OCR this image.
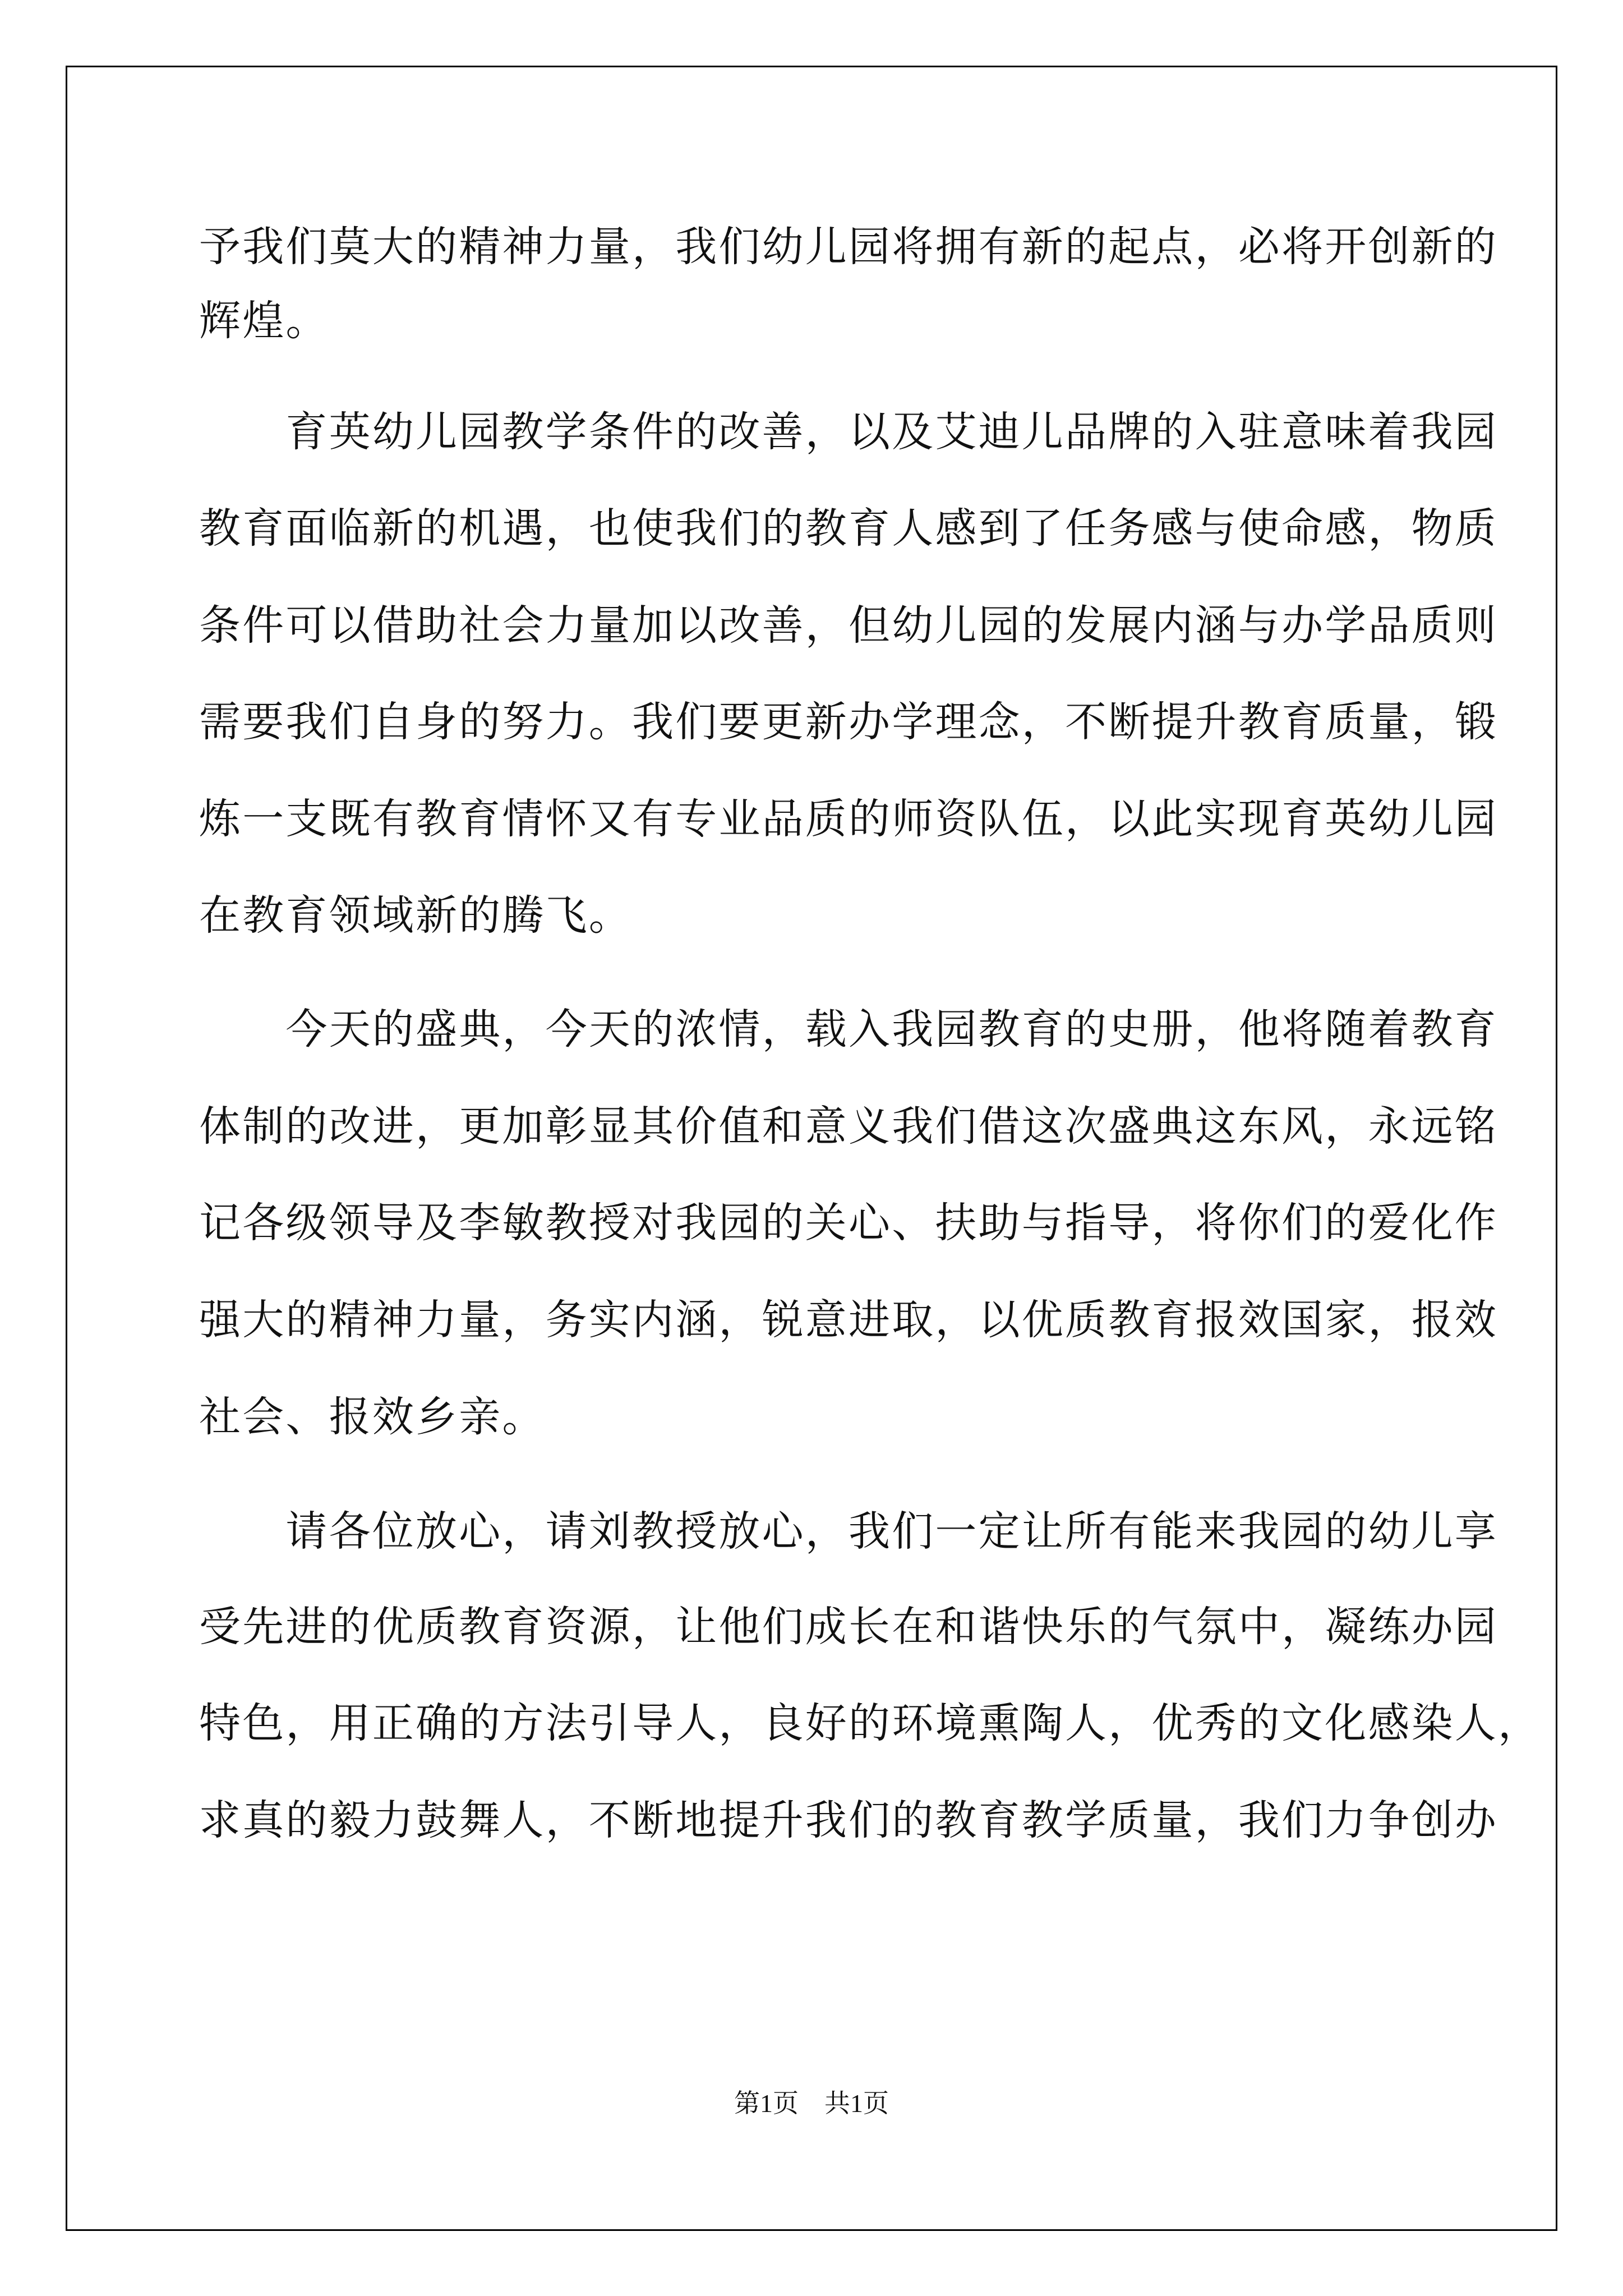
予我们莫大的精神力量，我们幼儿园将拥有新的起点，必将开创新的
辉煌。
　　育英幼儿园教学条件的改善，以及艾迪儿品牌的入驻意味着我园
教育面临新的机遇，也使我们的教育人感到了任务感与使命感，物质
条件可以借助社会力量加以改善，但幼儿园的发展内涵与办学品质则
需要我们自身的努力。我们要更新办学理念，不断提升教育质量，锻
炼一支既有教育情怀又有专业品质的师资队伍，以此实现育英幼儿园
在教育领域新的腾飞。
　　今天的盛典，今天的浓情，载入我园教育的史册，他将随着教育
体制的改进，更加彰显其价值和意义我们借这次盛典这东风，永远铭
记各级领导及李敏教授对我园的关心、扶助与指导，将你们的爱化作
强大的精神力量，务实内涵，锐意进取，以优质教育报效国家，报效
社会、报效乡亲。
　　请各位放心，请刘教授放心，我们一定让所有能来我园的幼儿享
受先进的优质教育资源，让他们成长在和谐快乐的气氛中，凝练办园
特色，用正确的方法引导人，良好的环境熏陶人，优秀的文化感染人，
求真的毅力鼓舞人，不断地提升我们的教育教学质量，我们力争创办
第1页　共1页
